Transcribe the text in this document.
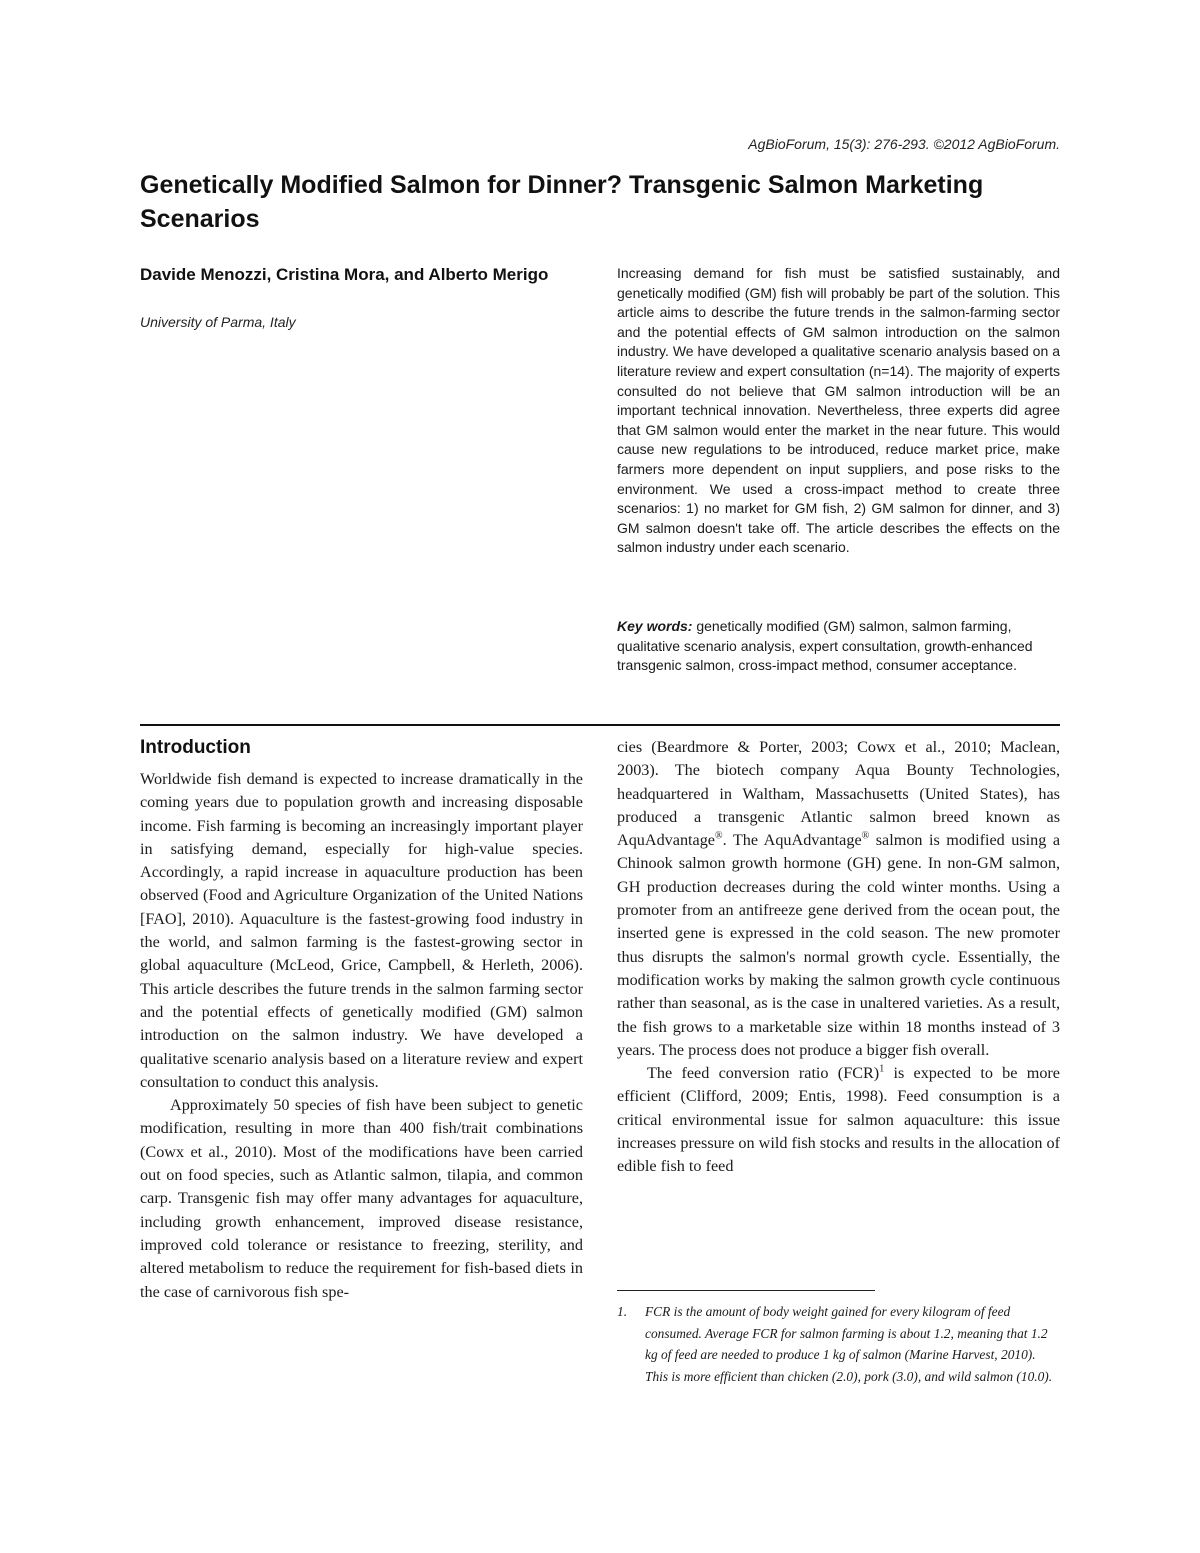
AgBioForum, 15(3): 276-293. ©2012 AgBioForum.
Genetically Modified Salmon for Dinner? Transgenic Salmon Marketing Scenarios
Davide Menozzi, Cristina Mora, and Alberto Merigo
University of Parma, Italy

Increasing demand for fish must be satisfied sustainably, and genetically modified (GM) fish will probably be part of the solution. This article aims to describe the future trends in the salmon-farming sector and the potential effects of GM salmon introduction on the salmon industry. We have developed a qualitative scenario analysis based on a literature review and expert consultation (n=14). The majority of experts consulted do not believe that GM salmon introduction will be an important technical innovation. Nevertheless, three experts did agree that GM salmon would enter the market in the near future. This would cause new regulations to be introduced, reduce market price, make farmers more dependent on input suppliers, and pose risks to the environment. We used a cross-impact method to create three scenarios: 1) no market for GM fish, 2) GM salmon for dinner, and 3) GM salmon doesn't take off. The article describes the effects on the salmon industry under each scenario.

Key words: genetically modified (GM) salmon, salmon farming, qualitative scenario analysis, expert consultation, growth-enhanced transgenic salmon, cross-impact method, consumer acceptance.

Introduction

Worldwide fish demand is expected to increase dramatically in the coming years due to population growth and increasing disposable income. Fish farming is becoming an increasingly important player in satisfying demand, especially for high-value species. Accordingly, a rapid increase in aquaculture production has been observed (Food and Agriculture Organization of the United Nations [FAO], 2010). Aquaculture is the fastest-growing food industry in the world, and salmon farming is the fastest-growing sector in global aquaculture (McLeod, Grice, Campbell, & Herleth, 2006). This article describes the future trends in the salmon farming sector and the potential effects of genetically modified (GM) salmon introduction on the salmon industry. We have developed a qualitative scenario analysis based on a literature review and expert consultation to conduct this analysis.

Approximately 50 species of fish have been subject to genetic modification, resulting in more than 400 fish/trait combinations (Cowx et al., 2010). Most of the modifications have been carried out on food species, such as Atlantic salmon, tilapia, and common carp. Transgenic fish may offer many advantages for aquaculture, including growth enhancement, improved disease resistance, improved cold tolerance or resistance to freezing, sterility, and altered metabolism to reduce the requirement for fish-based diets in the case of carnivorous fish spe-

cies (Beardmore & Porter, 2003; Cowx et al., 2010; Maclean, 2003). The biotech company Aqua Bounty Technologies, headquartered in Waltham, Massachusetts (United States), has produced a transgenic Atlantic salmon breed known as AquAdvantage®. The AquAdvantage® salmon is modified using a Chinook salmon growth hormone (GH) gene. In non-GM salmon, GH production decreases during the cold winter months. Using a promoter from an antifreeze gene derived from the ocean pout, the inserted gene is expressed in the cold season. The new promoter thus disrupts the salmon's normal growth cycle. Essentially, the modification works by making the salmon growth cycle continuous rather than seasonal, as is the case in unaltered varieties. As a result, the fish grows to a marketable size within 18 months instead of 3 years. The process does not produce a bigger fish overall.

The feed conversion ratio (FCR)$^1$ is expected to be more efficient (Clifford, 2009; Entis, 1998). Feed consumption is a critical environmental issue for salmon aquaculture: this issue increases pressure on wild fish stocks and results in the allocation of edible fish to feed

1.	FCR is the amount of body weight gained for every kilogram of feed consumed. Average FCR for salmon farming is about 1.2, meaning that 1.2 kg of feed are needed to produce 1 kg of salmon (Marine Harvest, 2010). This is more efficient than chicken (2.0), pork (3.0), and wild salmon (10.0).
